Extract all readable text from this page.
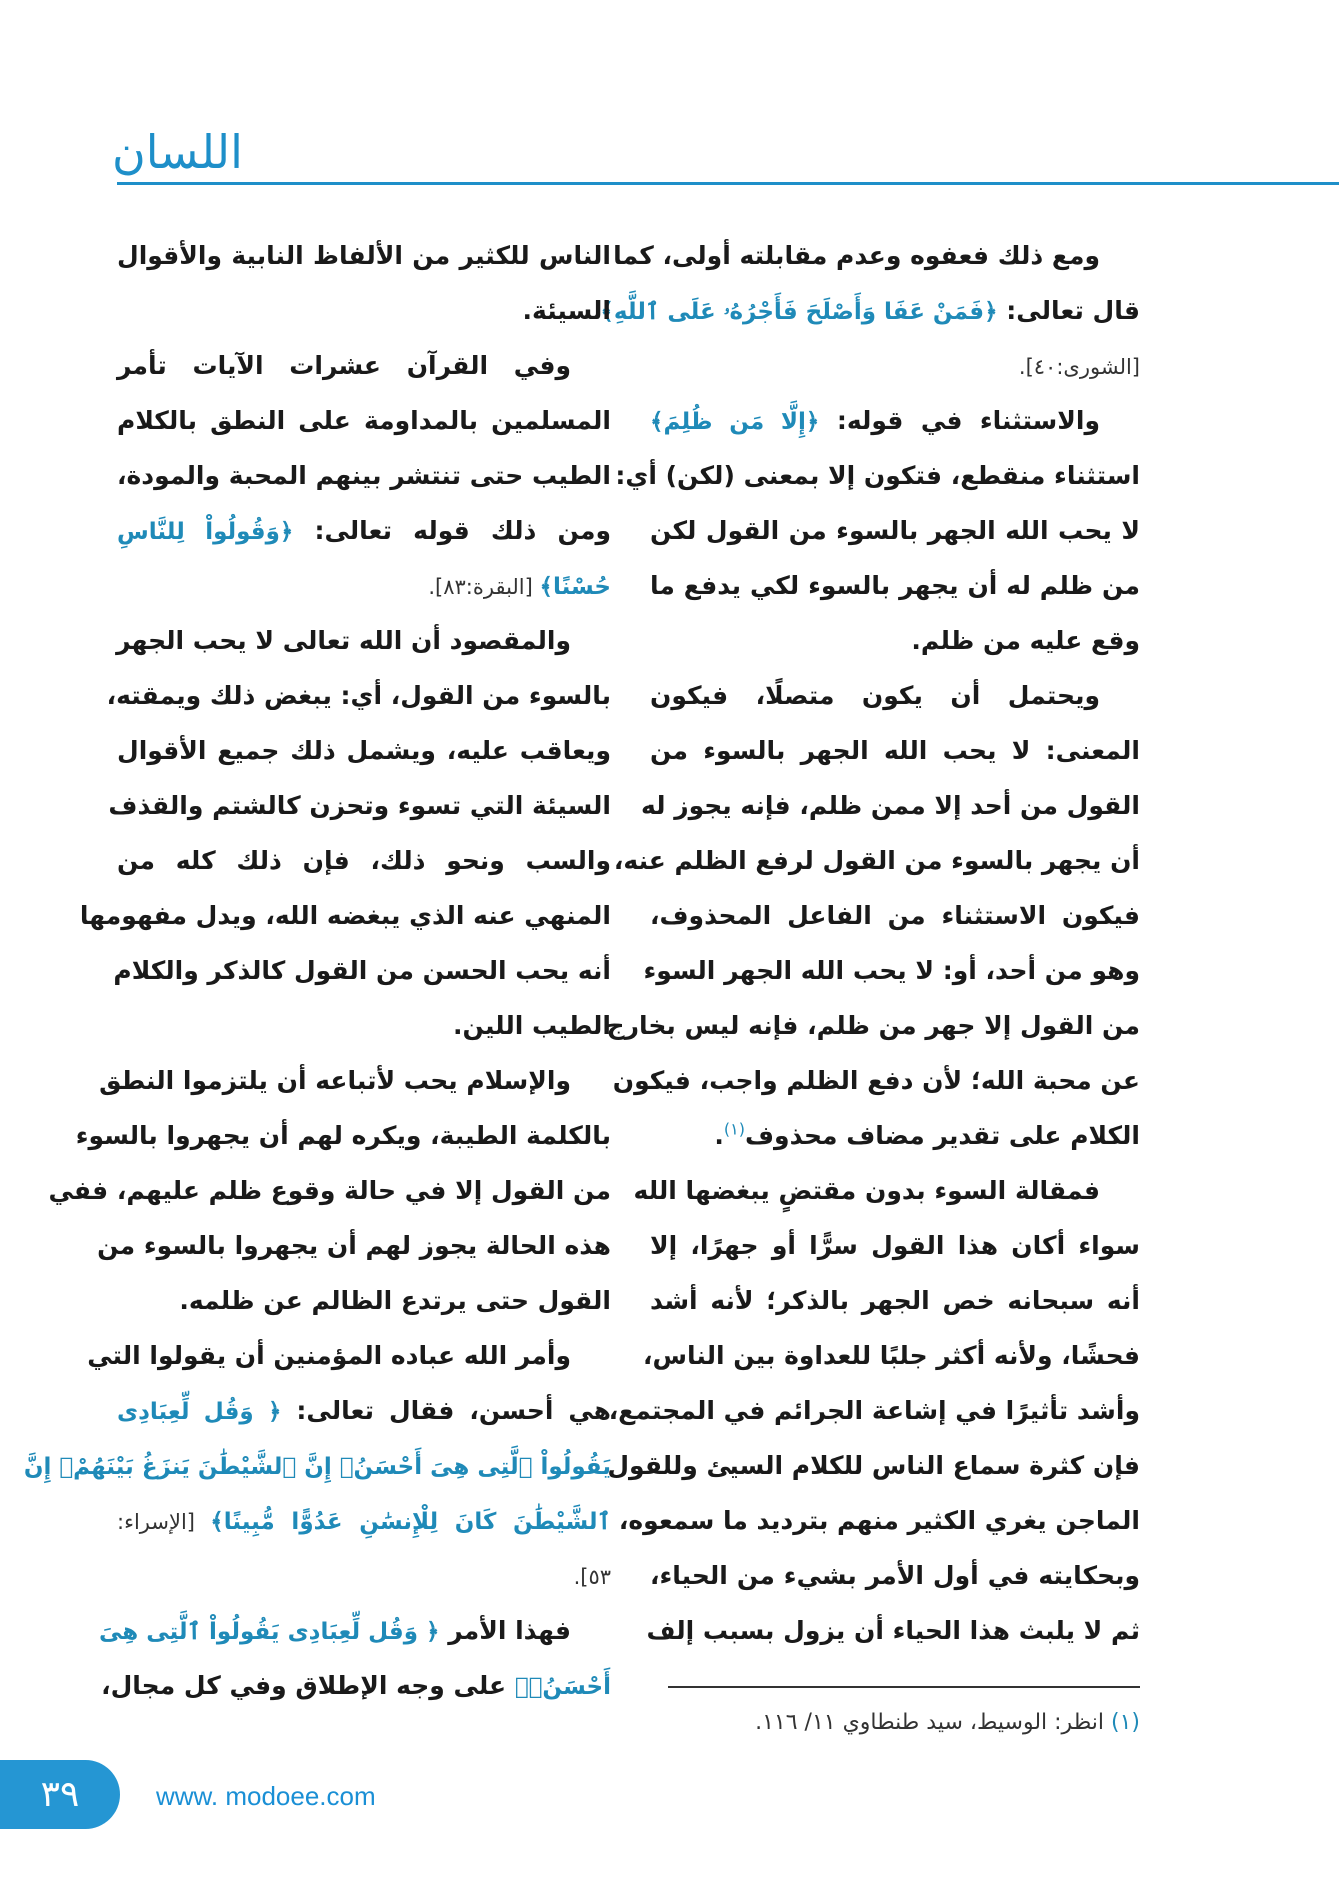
اللسان
ومع ذلك فعفوه وعدم مقابلته أولى، كما
قال تعالى: ﴿فَمَنْ عَفَا وَأَصْلَحَ فَأَجْرُهُۥ عَلَى ٱللَّهِ﴾
[الشورى:٤٠].
والاستثناء في قوله: ﴿إِلَّا مَن ظُلِمَ﴾
استثناء منقطع، فتكون إلا بمعنى (لكن) أي:
لا يحب الله الجهر بالسوء من القول لكن
من ظلم له أن يجهر بالسوء لكي يدفع ما
وقع عليه من ظلم.
ويحتمل أن يكون متصلًا، فيكون
المعنى: لا يحب الله الجهر بالسوء من
القول من أحد إلا ممن ظلم، فإنه يجوز له
أن يجهر بالسوء من القول لرفع الظلم عنه،
فيكون الاستثناء من الفاعل المحذوف،
وهو من أحد، أو: لا يحب الله الجهر السوء
من القول إلا جهر من ظلم، فإنه ليس بخارج
عن محبة الله؛ لأن دفع الظلم واجب، فيكون
الكلام على تقدير مضاف محذوف$^{(١)}$.
فمقالة السوء بدون مقتضٍ يبغضها الله
سواء أكان هذا القول سرًّا أو جهرًا، إلا
أنه سبحانه خص الجهر بالذكر؛ لأنه أشد
فحشًا، ولأنه أكثر جلبًا للعداوة بين الناس،
وأشد تأثيرًا في إشاعة الجرائم في المجتمع،
فإن كثرة سماع الناس للكلام السيئ وللقول
الماجن يغري الكثير منهم بترديد ما سمعوه،
وبحكايته في أول الأمر بشيء من الحياء،
ثم لا يلبث هذا الحياء أن يزول بسبب إلف
(١) انظر: الوسيط، سيد طنطاوي ١١/ ١١٦.
الناس للكثير من الألفاظ النابية والأقوال
السيئة.
وفي القرآن عشرات الآيات تأمر
المسلمين بالمداومة على النطق بالكلام
الطيب حتى تنتشر بينهم المحبة والمودة،
ومن ذلك قوله تعالى: ﴿وَقُولُواْ لِلنَّاسِ
حُسْنًا﴾ [البقرة:٨٣].
والمقصود أن الله تعالى لا يحب الجهر
بالسوء من القول، أي: يبغض ذلك ويمقته،
ويعاقب عليه، ويشمل ذلك جميع الأقوال
السيئة التي تسوء وتحزن كالشتم والقذف
والسب ونحو ذلك، فإن ذلك كله من
المنهي عنه الذي يبغضه الله، ويدل مفهومها
أنه يحب الحسن من القول كالذكر والكلام
الطيب اللين.
والإسلام يحب لأتباعه أن يلتزموا النطق
بالكلمة الطيبة، ويكره لهم أن يجهروا بالسوء
من القول إلا في حالة وقوع ظلم عليهم، ففي
هذه الحالة يجوز لهم أن يجهروا بالسوء من
القول حتى يرتدع الظالم عن ظلمه.
وأمر الله عباده المؤمنين أن يقولوا التي
هي أحسن، فقال تعالى: ﴿ وَقُل لِّعِبَادِى
يَقُولُواْ ٱلَّتِى هِىَ أَحْسَنُۚ إِنَّ ٱلشَّيْطَٰنَ يَنزَغُ بَيْنَهُمْۚ إِنَّ
ٱلشَّيْطَٰنَ كَانَ لِلْإِنسَٰنِ عَدُوًّا مُّبِينًا﴾ [الإسراء:
٥٣].
فهذا الأمر ﴿ وَقُل لِّعِبَادِى يَقُولُواْ ٱلَّتِى هِىَ
أَحْسَنُۚ﴾ على وجه الإطلاق وفي كل مجال،
٣٩	www. modoee.com
